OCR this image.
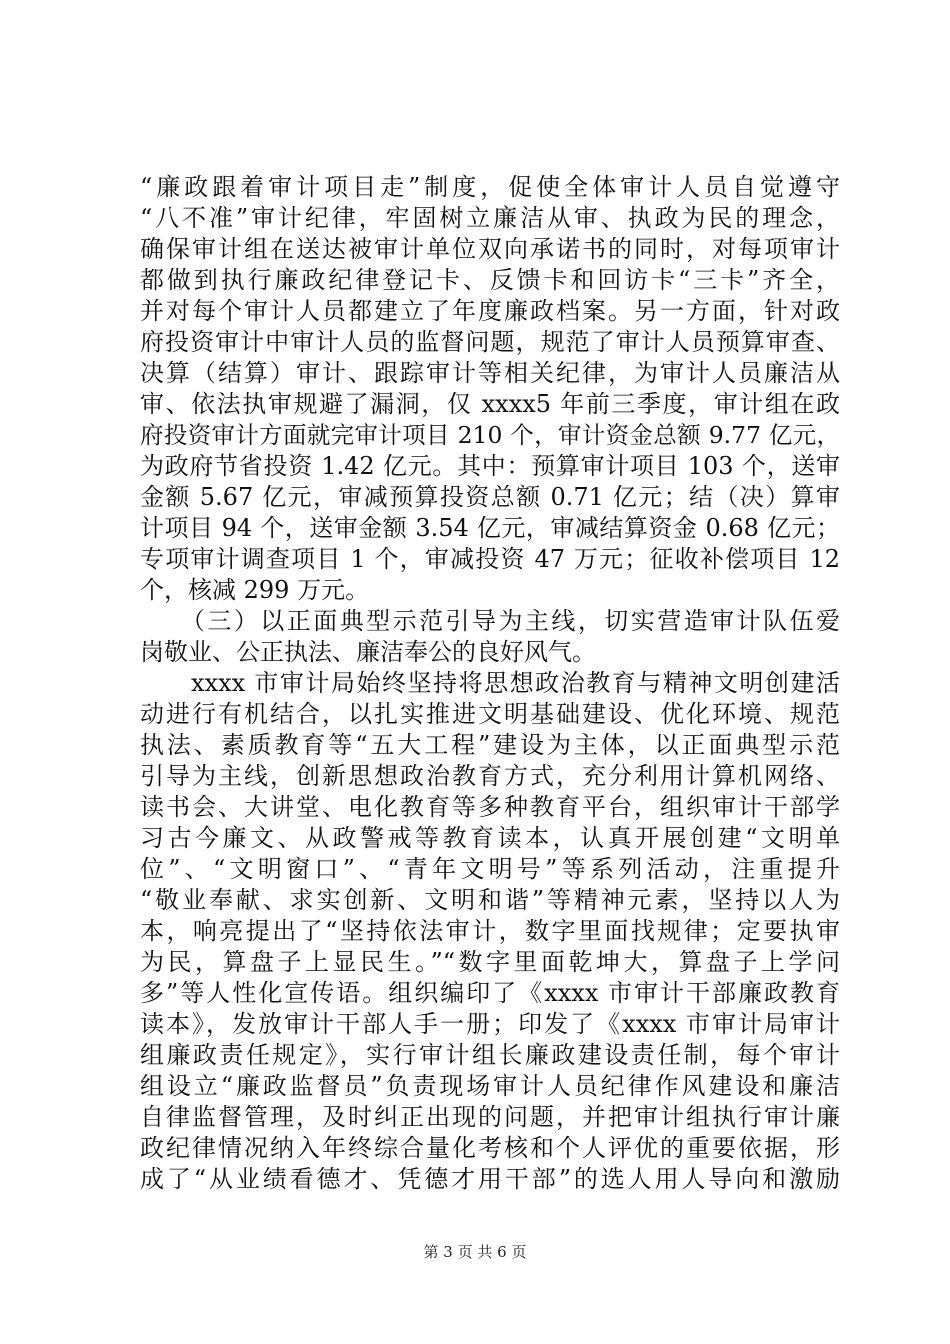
“廉政跟着审计项目走”制度，促使全体审计人员自觉遵守
“八不准”审计纪律，牢固树立廉洁从审、执政为民的理念，
确保审计组在送达被审计单位双向承诺书的同时，对每项审计
都做到执行廉政纪律登记卡、反馈卡和回访卡“三卡”齐全，
并对每个审计人员都建立了年度廉政档案。另一方面，针对政
府投资审计中审计人员的监督问题，规范了审计人员预算审查、
决算（结算）审计、跟踪审计等相关纪律，为审计人员廉洁从
审、依法执审规避了漏洞，仅 xxxx5 年前三季度，审计组在政
府投资审计方面就完审计项目 210 个，审计资金总额 9.77 亿元，
为政府节省投资 1.42 亿元。其中：预算审计项目 103 个，送审
金额 5.67 亿元，审减预算投资总额 0.71 亿元；结（决）算审
计项目 94 个，送审金额 3.54 亿元，审减结算资金 0.68 亿元；
专项审计调查项目 1 个，审减投资 47 万元；征收补偿项目 12
个，核减 299 万元。
　　（三）以正面典型示范引导为主线，切实营造审计队伍爱
岗敬业、公正执法、廉洁奉公的良好风气。
　　xxxx 市审计局始终坚持将思想政治教育与精神文明创建活
动进行有机结合，以扎实推进文明基础建设、优化环境、规范
执法、素质教育等“五大工程”建设为主体，以正面典型示范
引导为主线，创新思想政治教育方式，充分利用计算机网络、
读书会、大讲堂、电化教育等多种教育平台，组织审计干部学
习古今廉文、从政警戒等教育读本，认真开展创建“文明单
位”、“文明窗口”、“青年文明号”等系列活动，注重提升
“敬业奉献、求实创新、文明和谐”等精神元素，坚持以人为
本，响亮提出了“坚持依法审计，数字里面找规律；定要执审
为民，算盘子上显民生。”“数字里面乾坤大，算盘子上学问
多”等人性化宣传语。组织编印了《xxxx 市审计干部廉政教育
读本》，发放审计干部人手一册；印发了《xxxx 市审计局审计
组廉政责任规定》，实行审计组长廉政建设责任制，每个审计
组设立“廉政监督员”负责现场审计人员纪律作风建设和廉洁
自律监督管理，及时纠正出现的问题，并把审计组执行审计廉
政纪律情况纳入年终综合量化考核和个人评优的重要依据，形
成了“从业绩看德才、凭德才用干部”的选人用人导向和激励
第 3 页 共 6 页
